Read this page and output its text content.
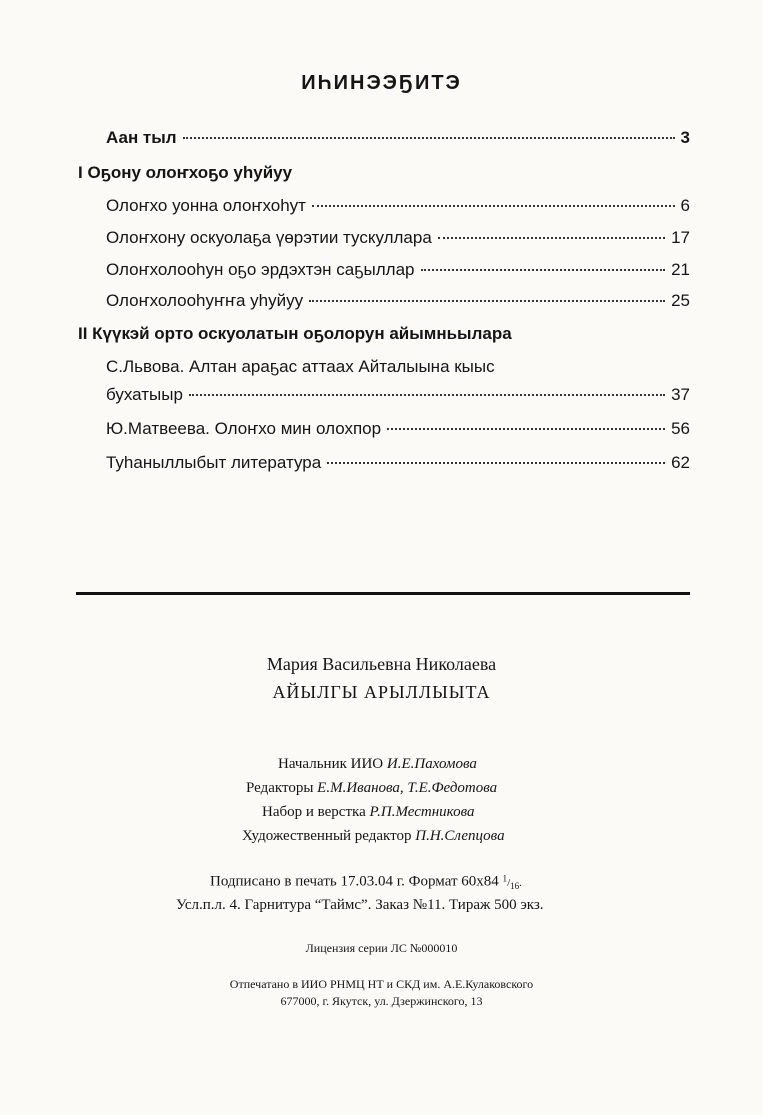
ИҺИНЭЭҔИТЭ
Аан тыл	3
I Оҕону олоҥхоҕо уһуйуу
Олоҥхо уонна олоҥхоһут	6
Олоҥхону оскуолаҕа үөрэтии тускуллара	17
Олоҥхолооһун оҕо эрдэхтэн саҕыллар	21
Олоҥхолооһуҥҥа уһуйуу	25
II Күүкэй орто оскуолатын оҕолорун айымньылара
С.Львова. Алтан араҕас аттаах Айталыына кыыс
бухатыыр	37
Ю.Матвеева. Олоҥхо мин олохпор	56
Туһаныллыбыт литература	62
Мария Васильевна Николаева
АЙЫЛГЫ АРЫЛЛЫЫТА
Начальник ИИО И.Е.Пахомова
Редакторы Е.М.Иванова, Т.Е.Федотова
Набор и верстка Р.П.Местникова
Художественный редактор П.Н.Слепцова
Подписано в печать 17.03.04 г. Формат 60х84 $^1/_{16}$.
Усл.п.л. 4. Гарнитура “Таймс”. Заказ №11. Тираж 500 экз.
Лицензия серии ЛС №000010
Отпечатано в ИИО РНМЦ НТ и СКД им. А.Е.Кулаковского
677000, г. Якутск, ул. Дзержинского, 13
